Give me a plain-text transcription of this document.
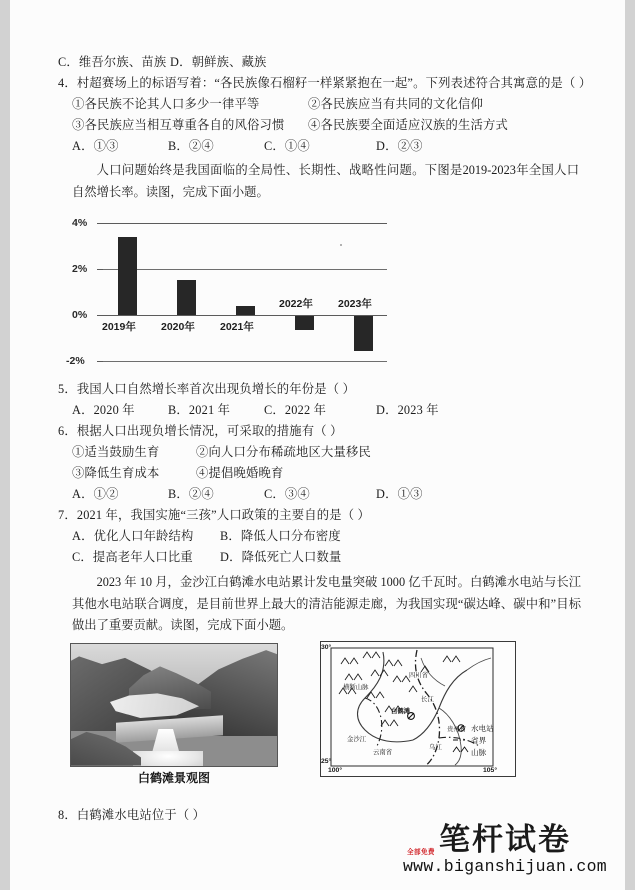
C．维吾尔族、苗族 D．朝鲜族、藏族
4． 村超赛场上的标语写着：“各民族像石榴籽一样紧紧抱在一起”。下列表述符合其寓意的是（ ）
①各民族不论其人口多少一律平等	②各民族应当有共同的文化信仰
③各民族应当相互尊重各自的风俗习惯	④各民族要全面适应汉族的生活方式
A．①③	B．②④	C．①④	D．②③
人口问题始终是我国面临的全局性、长期性、战略性问题。下图是2019-2023年全国人口自然增长率。读图，完成下面小题。
4%
2%
0%
-2%
2019年 2020年 2021年
2022年 2023年
5． 我国人口自然增长率首次出现负增长的年份是（ ）
A．2020 年	B．2021 年	C．2022 年	D．2023 年
6． 根据人口出现负增长情况，可采取的措施有（ ）
①适当鼓励生育	②向人口分布稀疏地区大量移民
③降低生育成本	④提倡晚婚晚育
A．①②	B．②④	C．③④	D．①③
7． 2021 年，我国实施“三孩”人口政策的主要自的是（ ）
A．优化人口年龄结构	B．降低人口分布密度
C．提高老年人口比重	D．降低死亡人口数量
2023 年 10 月，金沙江白鹤滩水电站累计发电量突破 1000 亿千瓦时。白鹤滩水电站与长江其他水电站联合调度，是目前世界上最大的清洁能源走廊，为我国实现“碳达峰、碳中和”目标做出了重要贡献。读图，完成下面小题。
白鹤滩景观图
白鹤滩
四川省
云南省
贵州省
金沙江
横断山脉
长江
乌江
30°
25°
100°	105°
水电站
省界
山脉
8． 白鹤滩水电站位于（ ）
笔杆试卷
www.biganshijuan.com
全部免费
